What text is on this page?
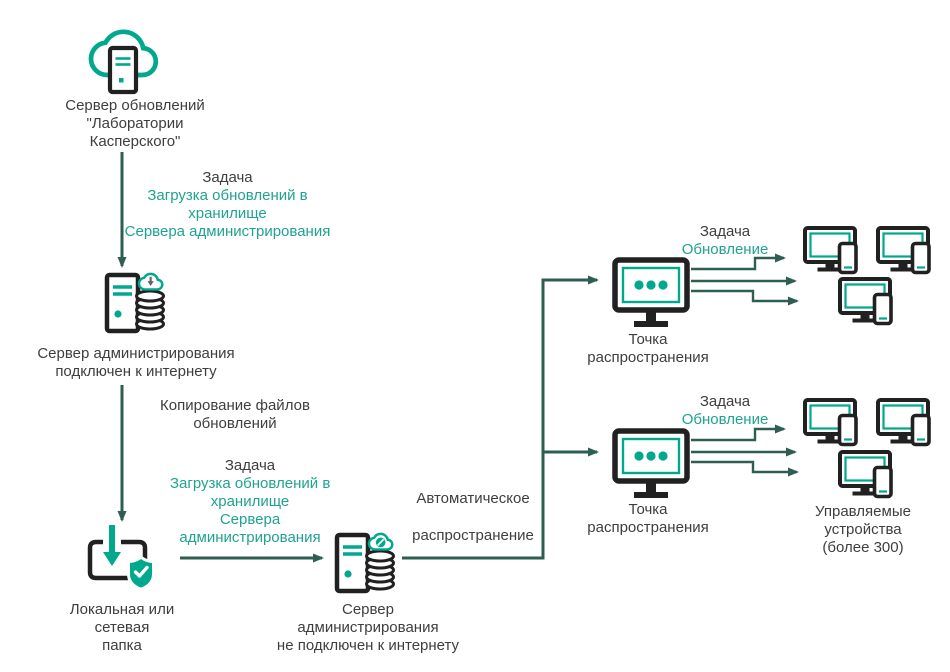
Сервер обновлений
"Лаборатории
Касперского"
Задача
Загрузка обновлений в
хранилище
Сервера администрирования
Сервер администрирования
подключен к интернету
Копирование файлов
обновлений
Задача
Загрузка обновлений в
хранилище
Сервера
администрирования
Локальная или
сетевая
папка
Сервер
администрирования
не подключен к интернету
Автоматическое
распространение
Точка
распространения
Задача
Обновление
Точка
распространения
Задача
Обновление
Управляемые
устройства
(более 300)
